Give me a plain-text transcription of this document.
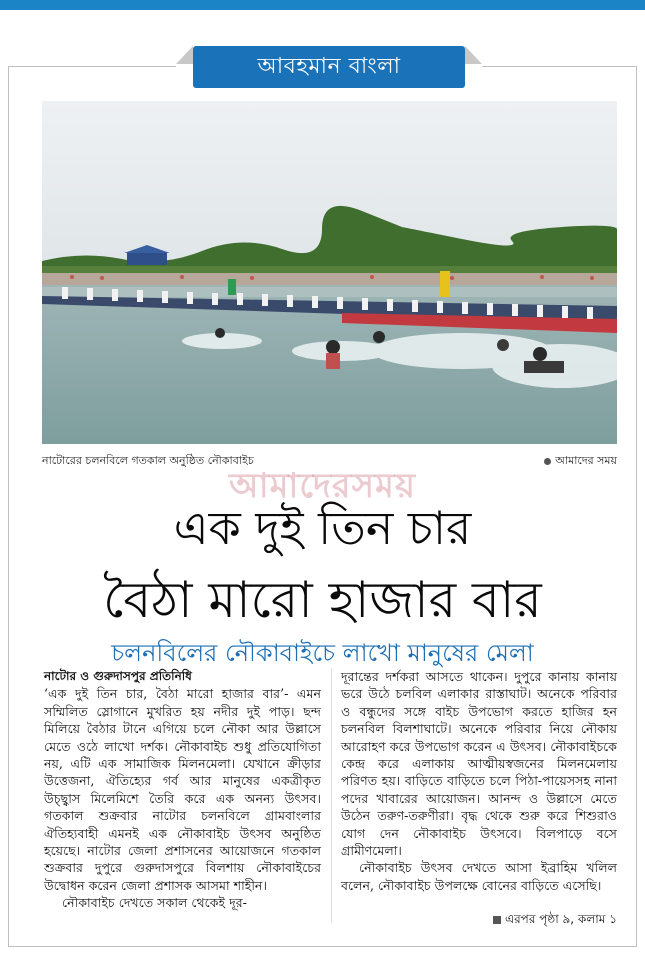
আবহমান বাংলা
নাটোরের চলনবিলে গতকাল অনুষ্ঠিত নৌকাবাইচ	আমাদের সময়
আমাদেরসময়
এক দুই তিন চার
বৈঠা মারো হাজার বার
চলনবিলের নৌকাবাইচে লাখো মানুষের মেলা
নাটোর ও গুরুদাসপুর প্রতিনিধি

‘এক দুই তিন চার, বৈঠা মারো হাজার বার’- এমন সম্মিলিত স্লোগানে মুখরিত হয় নদীর দুই পাড়। ছন্দ মিলিয়ে বৈঠার টানে এগিয়ে চলে নৌকা আর উল্লাসে মেতে ওঠে লাখো দর্শক। নৌকাবাইচ শুধু প্রতিযোগিতা নয়, এটি এক সামাজিক মিলনমেলা। যেখানে ক্রীড়ার উত্তেজনা, ঐতিহ্যের গর্ব আর মানুষের একত্রীকৃত উচ্ছ্বাস মিলেমিশে তৈরি করে এক অনন্য উৎসব। গতকাল শুক্রবার নাটোর চলনবিলে গ্রামবাংলার ঐতিহ্যবাহী এমনই এক নৌকাবাইচ উৎসব অনুষ্ঠিত হয়েছে। নাটোর জেলা প্রশাসনের আয়োজনে গতকাল শুক্রবার দুপুরে গুরুদাসপুরে বিলশায় নৌকাবাইচের উদ্বোধন করেন জেলা প্রশাসক আসমা শাহীন।

নৌকাবাইচ দেখতে সকাল থেকেই দূর-

দূরান্তের দর্শকরা আসতে থাকেন। দুপুরে কানায় কানায় ভরে উঠে চলবিল এলাকার রাস্তাঘাট। অনেকে পরিবার ও বন্ধুদের সঙ্গে বাইচ উপভোগ করতে হাজির হন চলনবিল বিলশাঘাটে। অনেকে পরিবার নিয়ে নৌকায় আরোহণ করে উপভোগ করেন এ উৎসব। নৌকাবাইচকে কেন্দ্র করে এলাকায় আত্মীয়স্বজনের মিলনমেলায় পরিণত হয়। বাড়িতে বাড়িতে চলে পিঠা-পায়েসসহ নানা পদের খাবারের আয়োজন। আনন্দ ও উল্লাসে মেতে উঠেন তরুণ-তরুণীরা। বৃদ্ধ থেকে শুরু করে শিশুরাও যোগ দেন নৌকাবাইচ উৎসবে। বিলপাড়ে বসে গ্রামীণমেলা।

নৌকাবাইচ উৎসব দেখতে আসা ইব্রাহিম খলিল বলেন, নৌকাবাইচ উপলক্ষে বোনের বাড়িতে এসেছি।

এরপর পৃষ্ঠা ৯, কলাম ১
